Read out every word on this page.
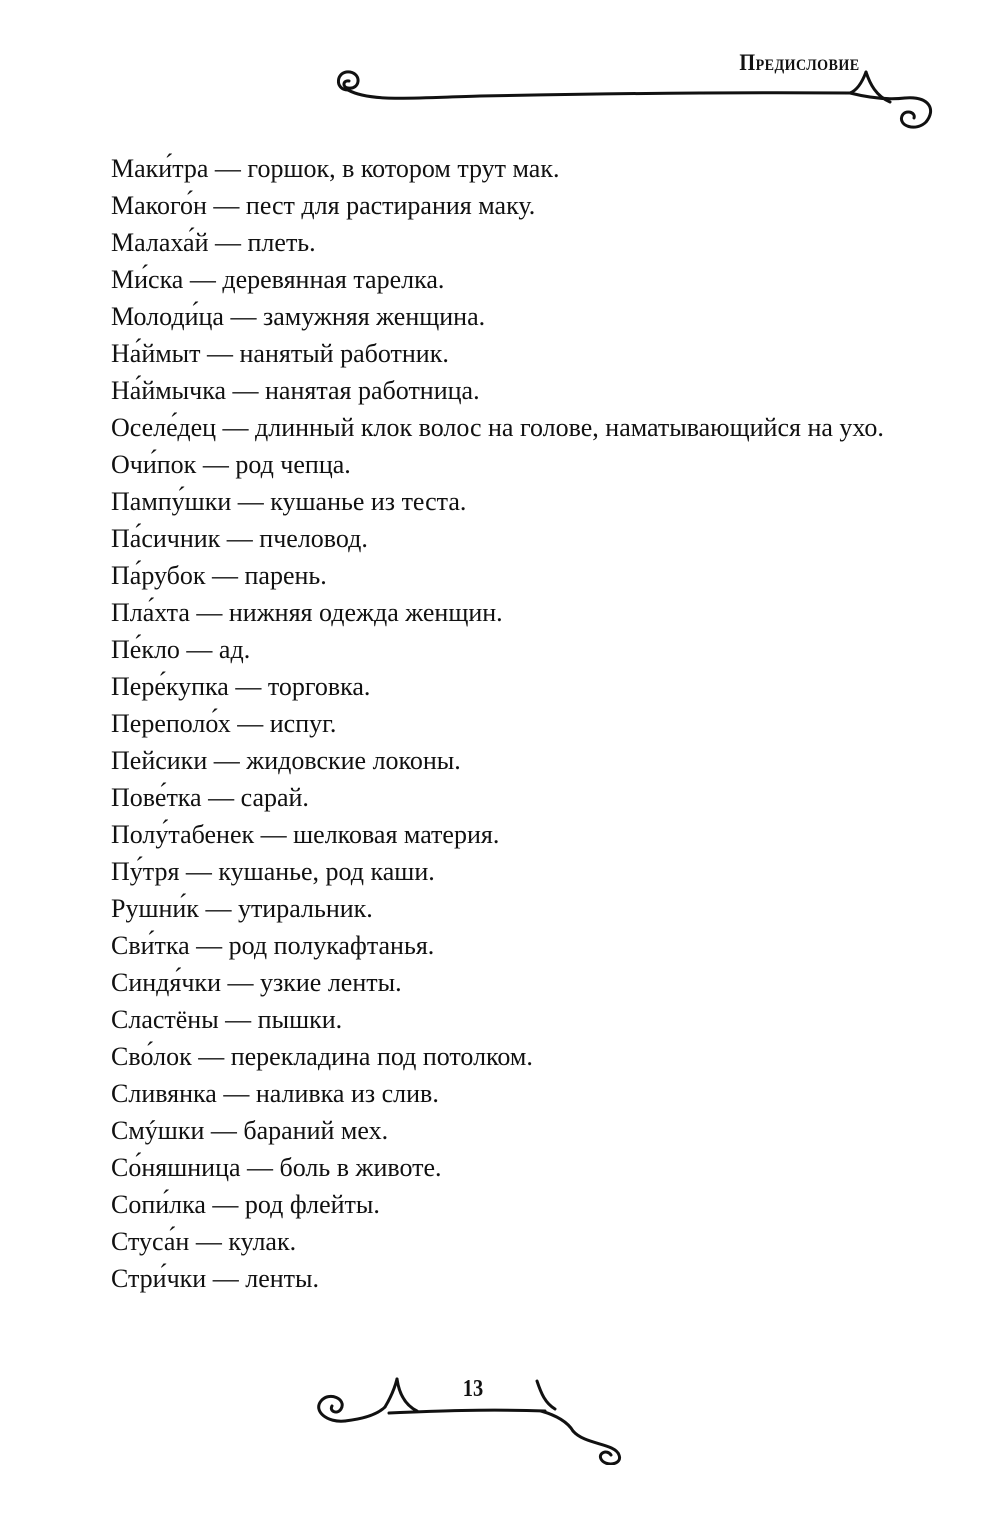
Предисловие
Маки́тра — горшок, в котором трут мак.
Макого́н — пест для растирания маку.
Малаха́й — плеть.
Ми́ска — деревянная тарелка.
Молоди́ца — замужняя женщина.
На́ймыт — нанятый работник.
На́ймычка — нанятая работница.
Оселе́дец — длинный клок волос на голове, наматывающийся на ухо.
Очи́пок — род чепца.
Пампу́шки — кушанье из теста.
Па́сичник — пчеловод.
Па́рубок — парень.
Пла́хта — нижняя одежда женщин.
Пе́кло — ад.
Пере́купка — торговка.
Переполо́х — испуг.
Пейсики — жидовские локоны.
Пове́тка — сарай.
Полу́табенек — шелковая материя.
Пу́тря — кушанье, род каши.
Рушни́к — утиральник.
Сви́тка — род полукафтанья.
Синдя́чки — узкие ленты.
Сластёны — пышки.
Сво́лок — перекладина под потолком.
Сливянка — наливка из слив.
Смýшки — бараний мех.
Со́няшница — боль в животе.
Сопи́лка — род флейты.
Стуса́н — кулак.
Стри́чки — ленты.
13
